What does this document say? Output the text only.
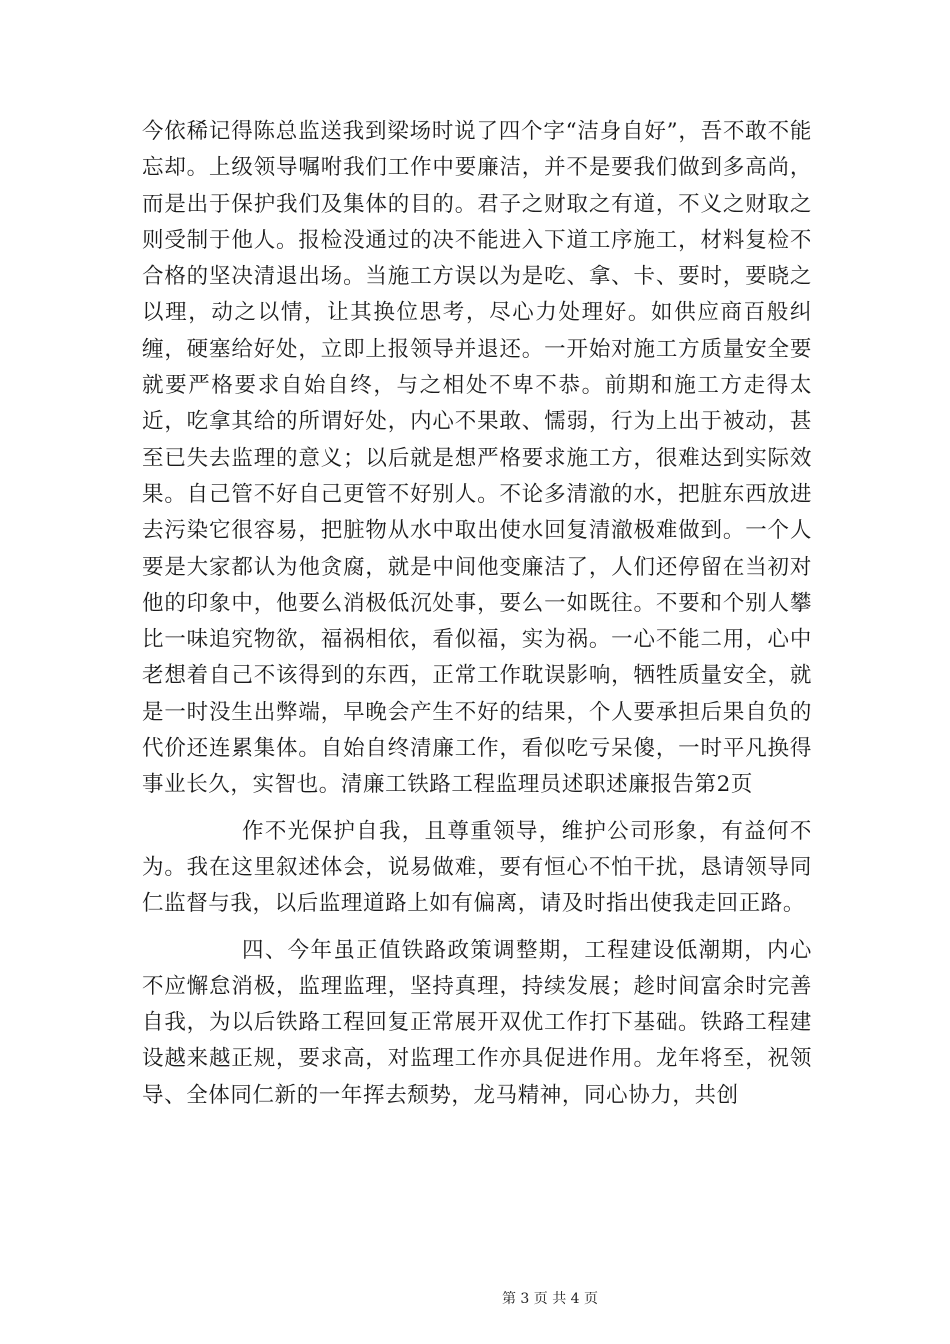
今依稀记得陈总监送我到梁场时说了四个字“洁身自好”，吾不敢不能忘却。上级领导嘱咐我们工作中要廉洁，并不是要我们做到多高尚，而是出于保护我们及集体的目的。君子之财取之有道，不义之财取之则受制于他人。报检没通过的决不能进入下道工序施工，材料复检不合格的坚决清退出场。当施工方误以为是吃、拿、卡、要时，要晓之以理，动之以情，让其换位思考，尽心力处理好。如供应商百般纠缠，硬塞给好处，立即上报领导并退还。一开始对施工方质量安全要就要严格要求自始自终，与之相处不卑不恭。前期和施工方走得太近，吃拿其给的所谓好处，内心不果敢、懦弱，行为上出于被动，甚至已失去监理的意义；以后就是想严格要求施工方，很难达到实际效果。自己管不好自己更管不好别人。不论多清澈的水，把脏东西放进去污染它很容易，把脏物从水中取出使水回复清澈极难做到。一个人要是大家都认为他贪腐，就是中间他变廉洁了，人们还停留在当初对他的印象中，他要么消极低沉处事，要么一如既往。不要和个别人攀比一味追究物欲，福祸相依，看似福，实为祸。一心不能二用，心中老想着自己不该得到的东西，正常工作耽误影响，牺牲质量安全，就是一时没生出弊端，早晚会产生不好的结果，个人要承担后果自负的代价还连累集体。自始自终清廉工作，看似吃亏呆傻，一时平凡换得事业长久，实智也。清廉工铁路工程监理员述职述廉报告第2页

作不光保护自我，且尊重领导，维护公司形象，有益何不为。我在这里叙述体会，说易做难，要有恒心不怕干扰，恳请领导同仁监督与我，以后监理道路上如有偏离，请及时指出使我走回正路。

四、今年虽正值铁路政策调整期，工程建设低潮期，内心不应懈怠消极，监理监理，坚持真理，持续发展；趁时间富余时完善自我，为以后铁路工程回复正常展开双优工作打下基础。铁路工程建设越来越正规，要求高，对监理工作亦具促进作用。龙年将至，祝领导、全体同仁新的一年挥去颓势，龙马精神，同心协力，共创

第 3 页 共 4 页
